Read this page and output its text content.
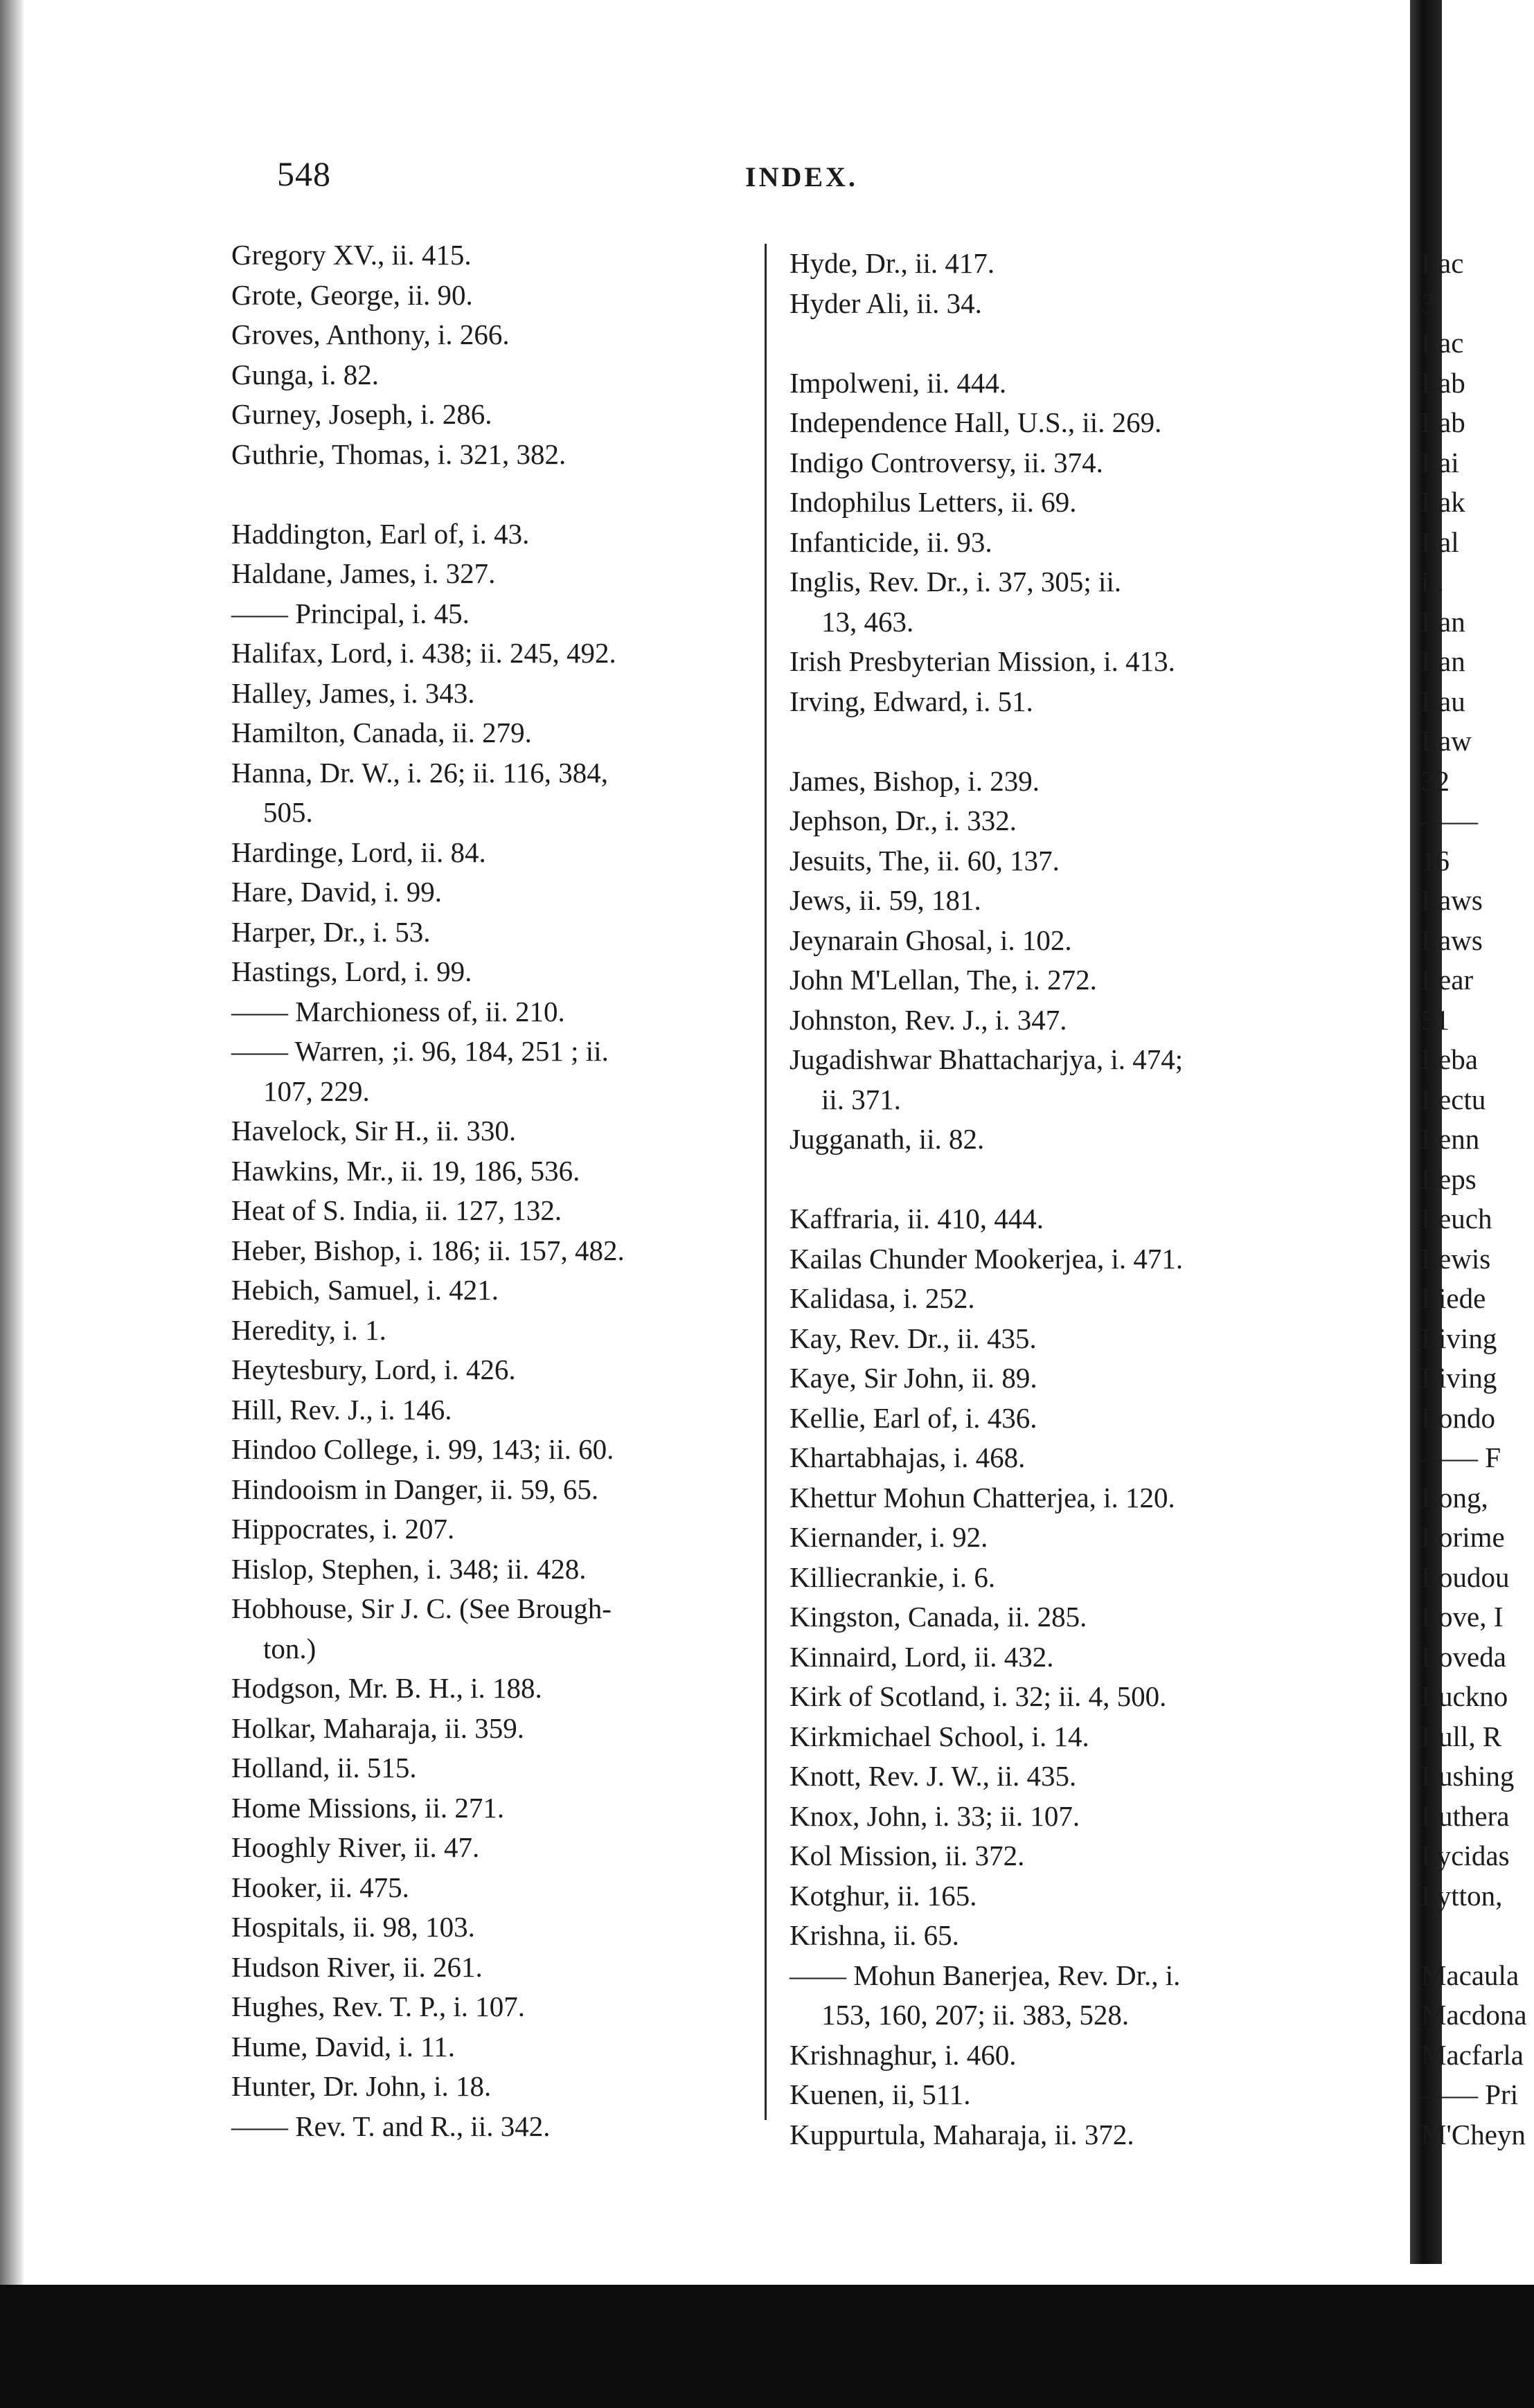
548	INDEX.
Gregory XV., ii. 415.
Grote, George, ii. 90.
Groves, Anthony, i. 266.
Gunga, i. 82.
Gurney, Joseph, i. 286.
Guthrie, Thomas, i. 321, 382.
Haddington, Earl of, i. 43.
Haldane, James, i. 327.
—— Principal, i. 45.
Halifax, Lord, i. 438; ii. 245, 492.
Halley, James, i. 343.
Hamilton, Canada, ii. 279.
Hanna, Dr. W., i. 26; ii. 116, 384,
505.
Hardinge, Lord, ii. 84.
Hare, David, i. 99.
Harper, Dr., i. 53.
Hastings, Lord, i. 99.
—— Marchioness of, ii. 210.
—— Warren, ;i. 96, 184, 251 ; ii.
107, 229.
Havelock, Sir H., ii. 330.
Hawkins, Mr., ii. 19, 186, 536.
Heat of S. India, ii. 127, 132.
Heber, Bishop, i. 186; ii. 157, 482.
Hebich, Samuel, i. 421.
Heredity, i. 1.
Heytesbury, Lord, i. 426.
Hill, Rev. J., i. 146.
Hindoo College, i. 99, 143; ii. 60.
Hindooism in Danger, ii. 59, 65.
Hippocrates, i. 207.
Hislop, Stephen, i. 348; ii. 428.
Hobhouse, Sir J. C. (See Brough-
ton.)
Hodgson, Mr. B. H., i. 188.
Holkar, Maharaja, ii. 359.
Holland, ii. 515.
Home Missions, ii. 271.
Hooghly River, ii. 47.
Hooker, ii. 475.
Hospitals, ii. 98, 103.
Hudson River, ii. 261.
Hughes, Rev. T. P., i. 107.
Hume, David, i. 11.
Hunter, Dr. John, i. 18.
—— Rev. T. and R., ii. 342.
Hyde, Dr., ii. 417.
Hyder Ali, ii. 34.
Impolweni, ii. 444.
Independence Hall, U.S., ii. 269.
Indigo Controversy, ii. 374.
Indophilus Letters, ii. 69.
Infanticide, ii. 93.
Inglis, Rev. Dr., i. 37, 305; ii.
13, 463.
Irish Presbyterian Mission, i. 413.
Irving, Edward, i. 51.
James, Bishop, i. 239.
Jephson, Dr., i. 332.
Jesuits, The, ii. 60, 137.
Jews, ii. 59, 181.
Jeynarain Ghosal, i. 102.
John M'Lellan, The, i. 272.
Johnston, Rev. J., i. 347.
Jugadishwar Bhattacharjya, i. 474;
ii. 371.
Jugganath, ii. 82.
Kaffraria, ii. 410, 444.
Kailas Chunder Mookerjea, i. 471.
Kalidasa, i. 252.
Kay, Rev. Dr., ii. 435.
Kaye, Sir John, ii. 89.
Kellie, Earl of, i. 436.
Khartabhajas, i. 468.
Khettur Mohun Chatterjea, i. 120.
Kiernander, i. 92.
Killiecrankie, i. 6.
Kingston, Canada, ii. 285.
Kinnaird, Lord, ii. 432.
Kirk of Scotland, i. 32; ii. 4, 500.
Kirkmichael School, i. 14.
Knott, Rev. J. W., ii. 435.
Knox, John, i. 33; ii. 107.
Kol Mission, ii. 372.
Kotghur, ii. 165.
Krishna, ii. 65.
—— Mohun Banerjea, Rev. Dr., i.
153, 160, 207; ii. 383, 528.
Krishnaghur, i. 460.
Kuenen, ii, 511.
Kuppurtula, Maharaja, ii. 372.
Lac
3
Lac
Lab
Lab
Lai
Lak
Lal
ii.
Lan
Lan
Lau
Law
32
——
16
Laws
Laws
Lear
51
Leba
Lectu
Lenn
Leps
Leuch
Lewis
Liede
Living
Living
Londo
—— F
Long,
Lorime
Loudou
Love, I
Loveda
Luckno
Lull, R
Lushing
Luthera
Lycidas
Lytton,
Macaula
Macdona
Macfarla
—— Pri
M'Cheyn
